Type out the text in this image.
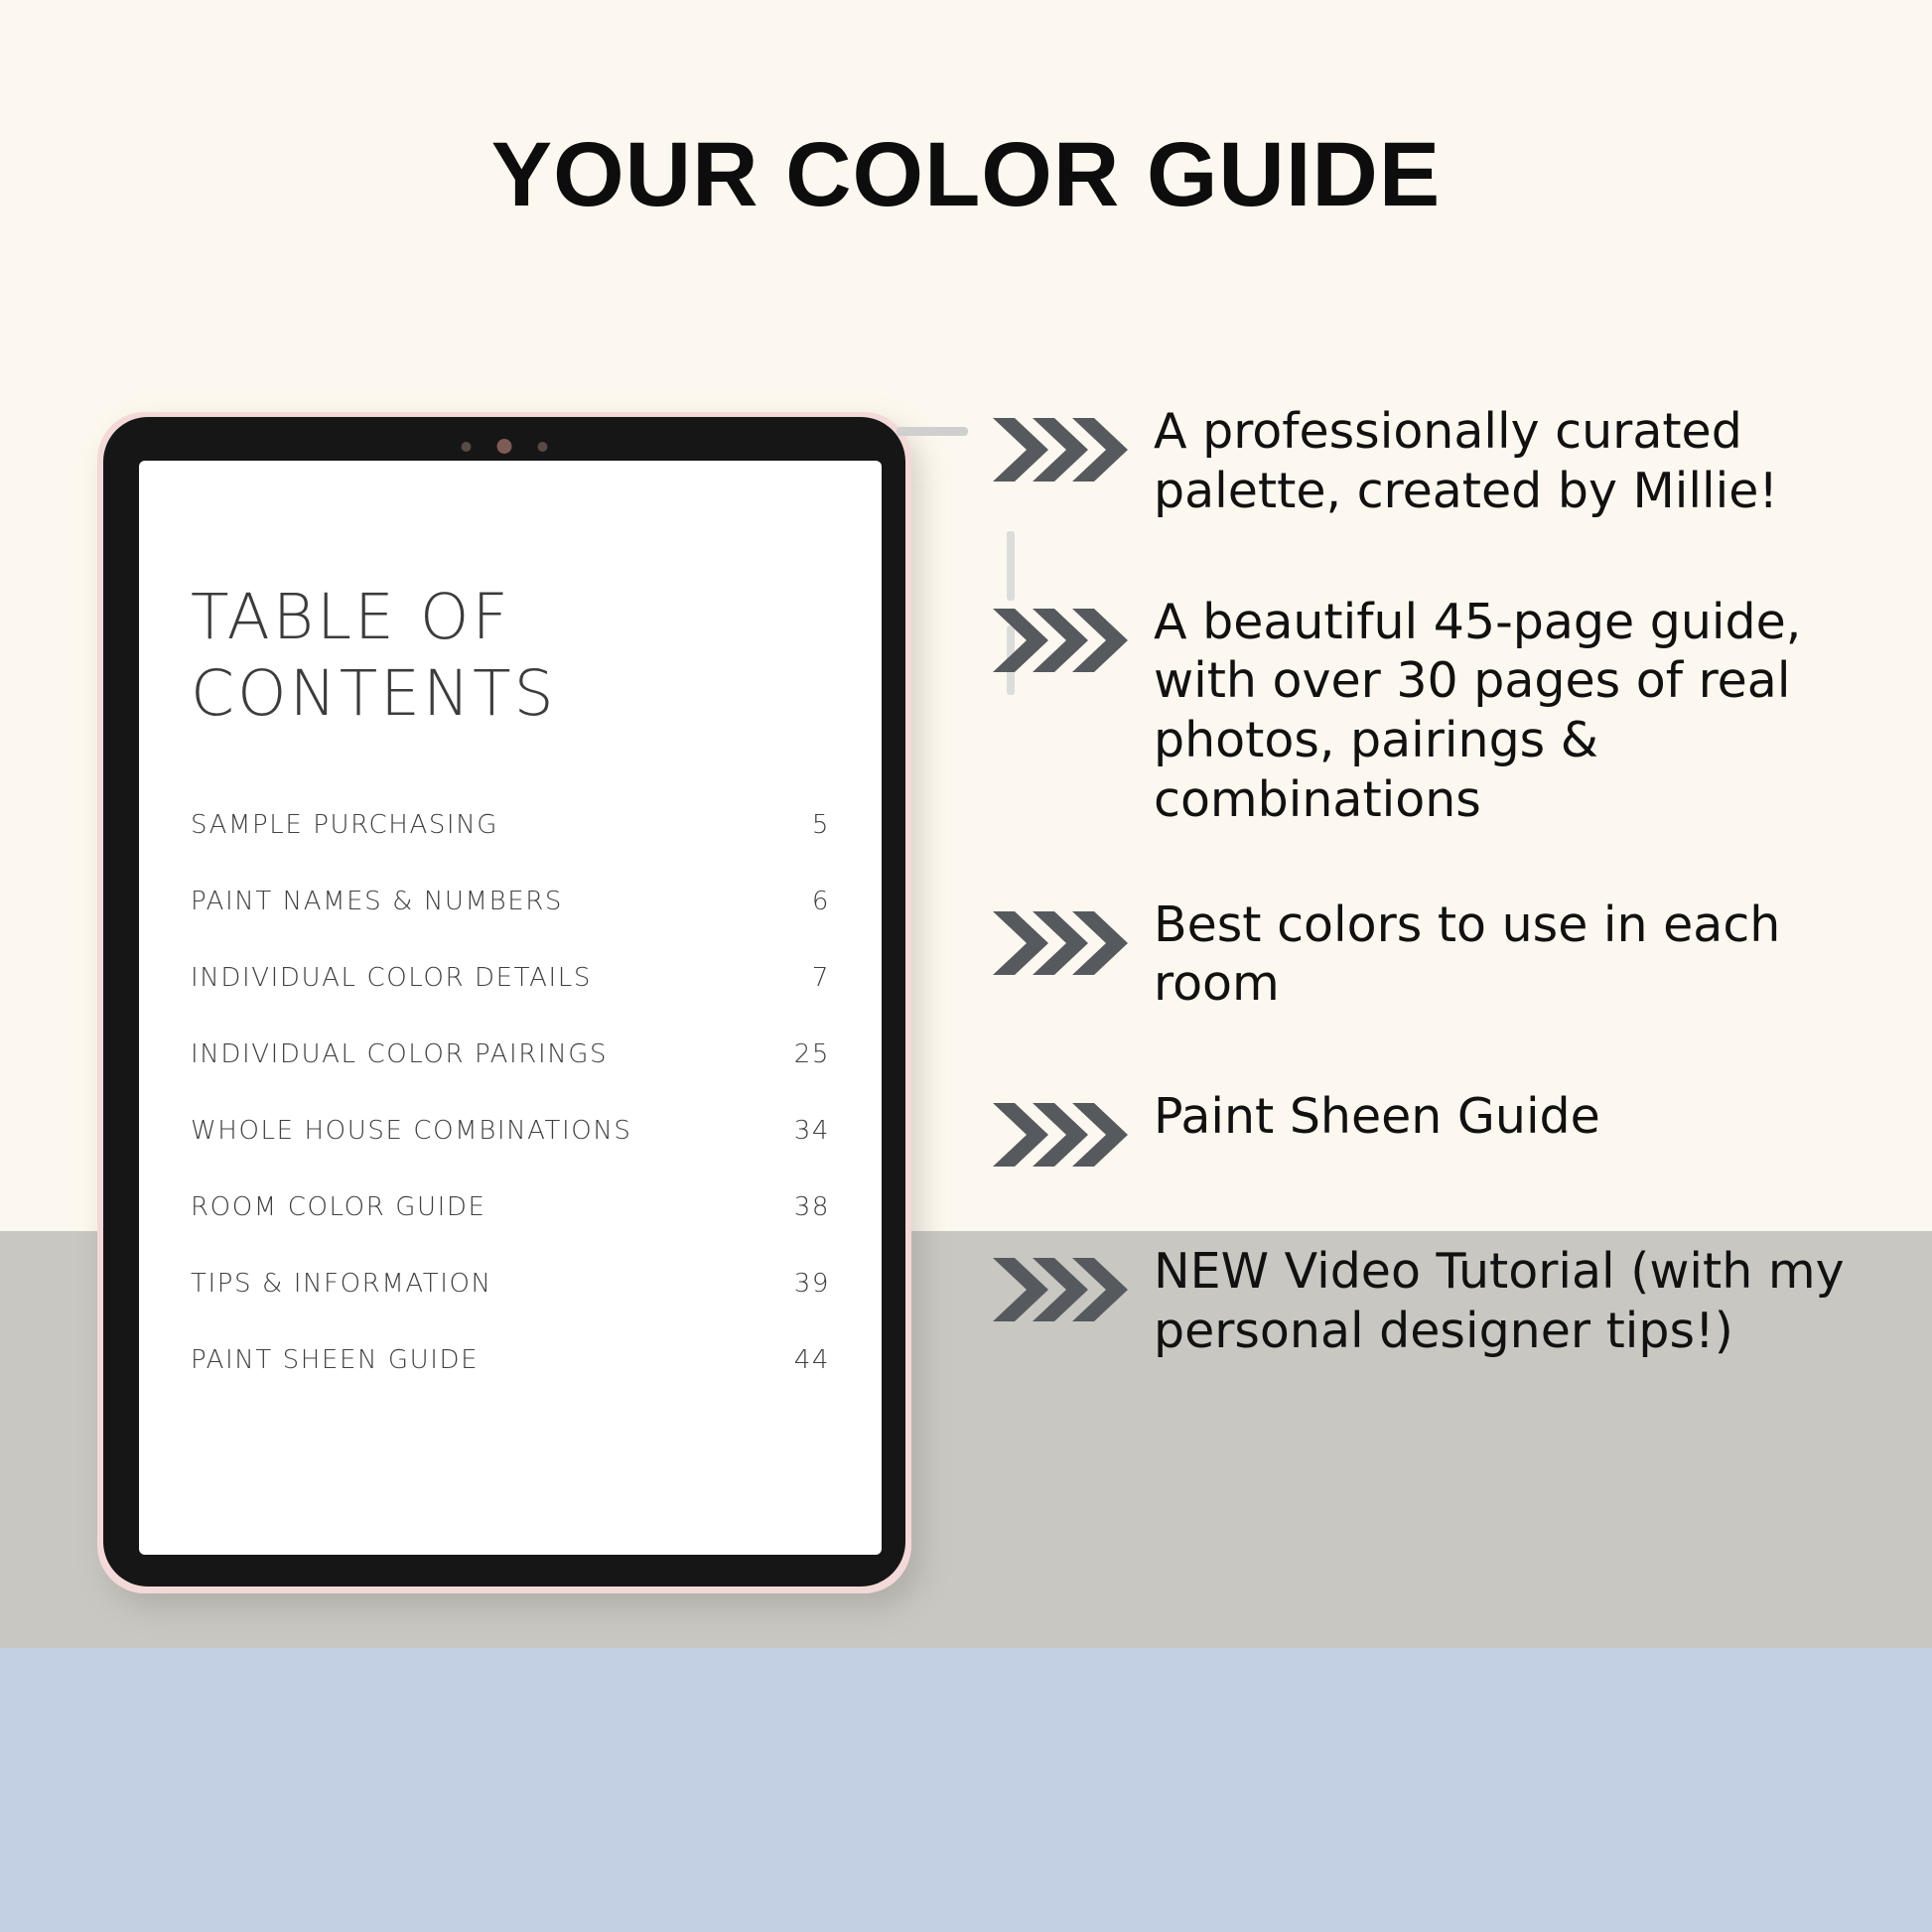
YOUR COLOR GUIDE
TABLE OF CONTENTS
SAMPLE PURCHASING	5
PAINT NAMES & NUMBERS	6
INDIVIDUAL COLOR DETAILS	7
INDIVIDUAL COLOR PAIRINGS	25
WHOLE HOUSE COMBINATIONS	34
ROOM COLOR GUIDE	38
TIPS & INFORMATION	39
PAINT SHEEN GUIDE	44
A professionally curated palette, created by Millie!
A beautiful 45-page guide, with over 30 pages of real photos, pairings & combinations
Best colors to use in each room
Paint Sheen Guide
NEW Video Tutorial (with my personal designer tips!)
